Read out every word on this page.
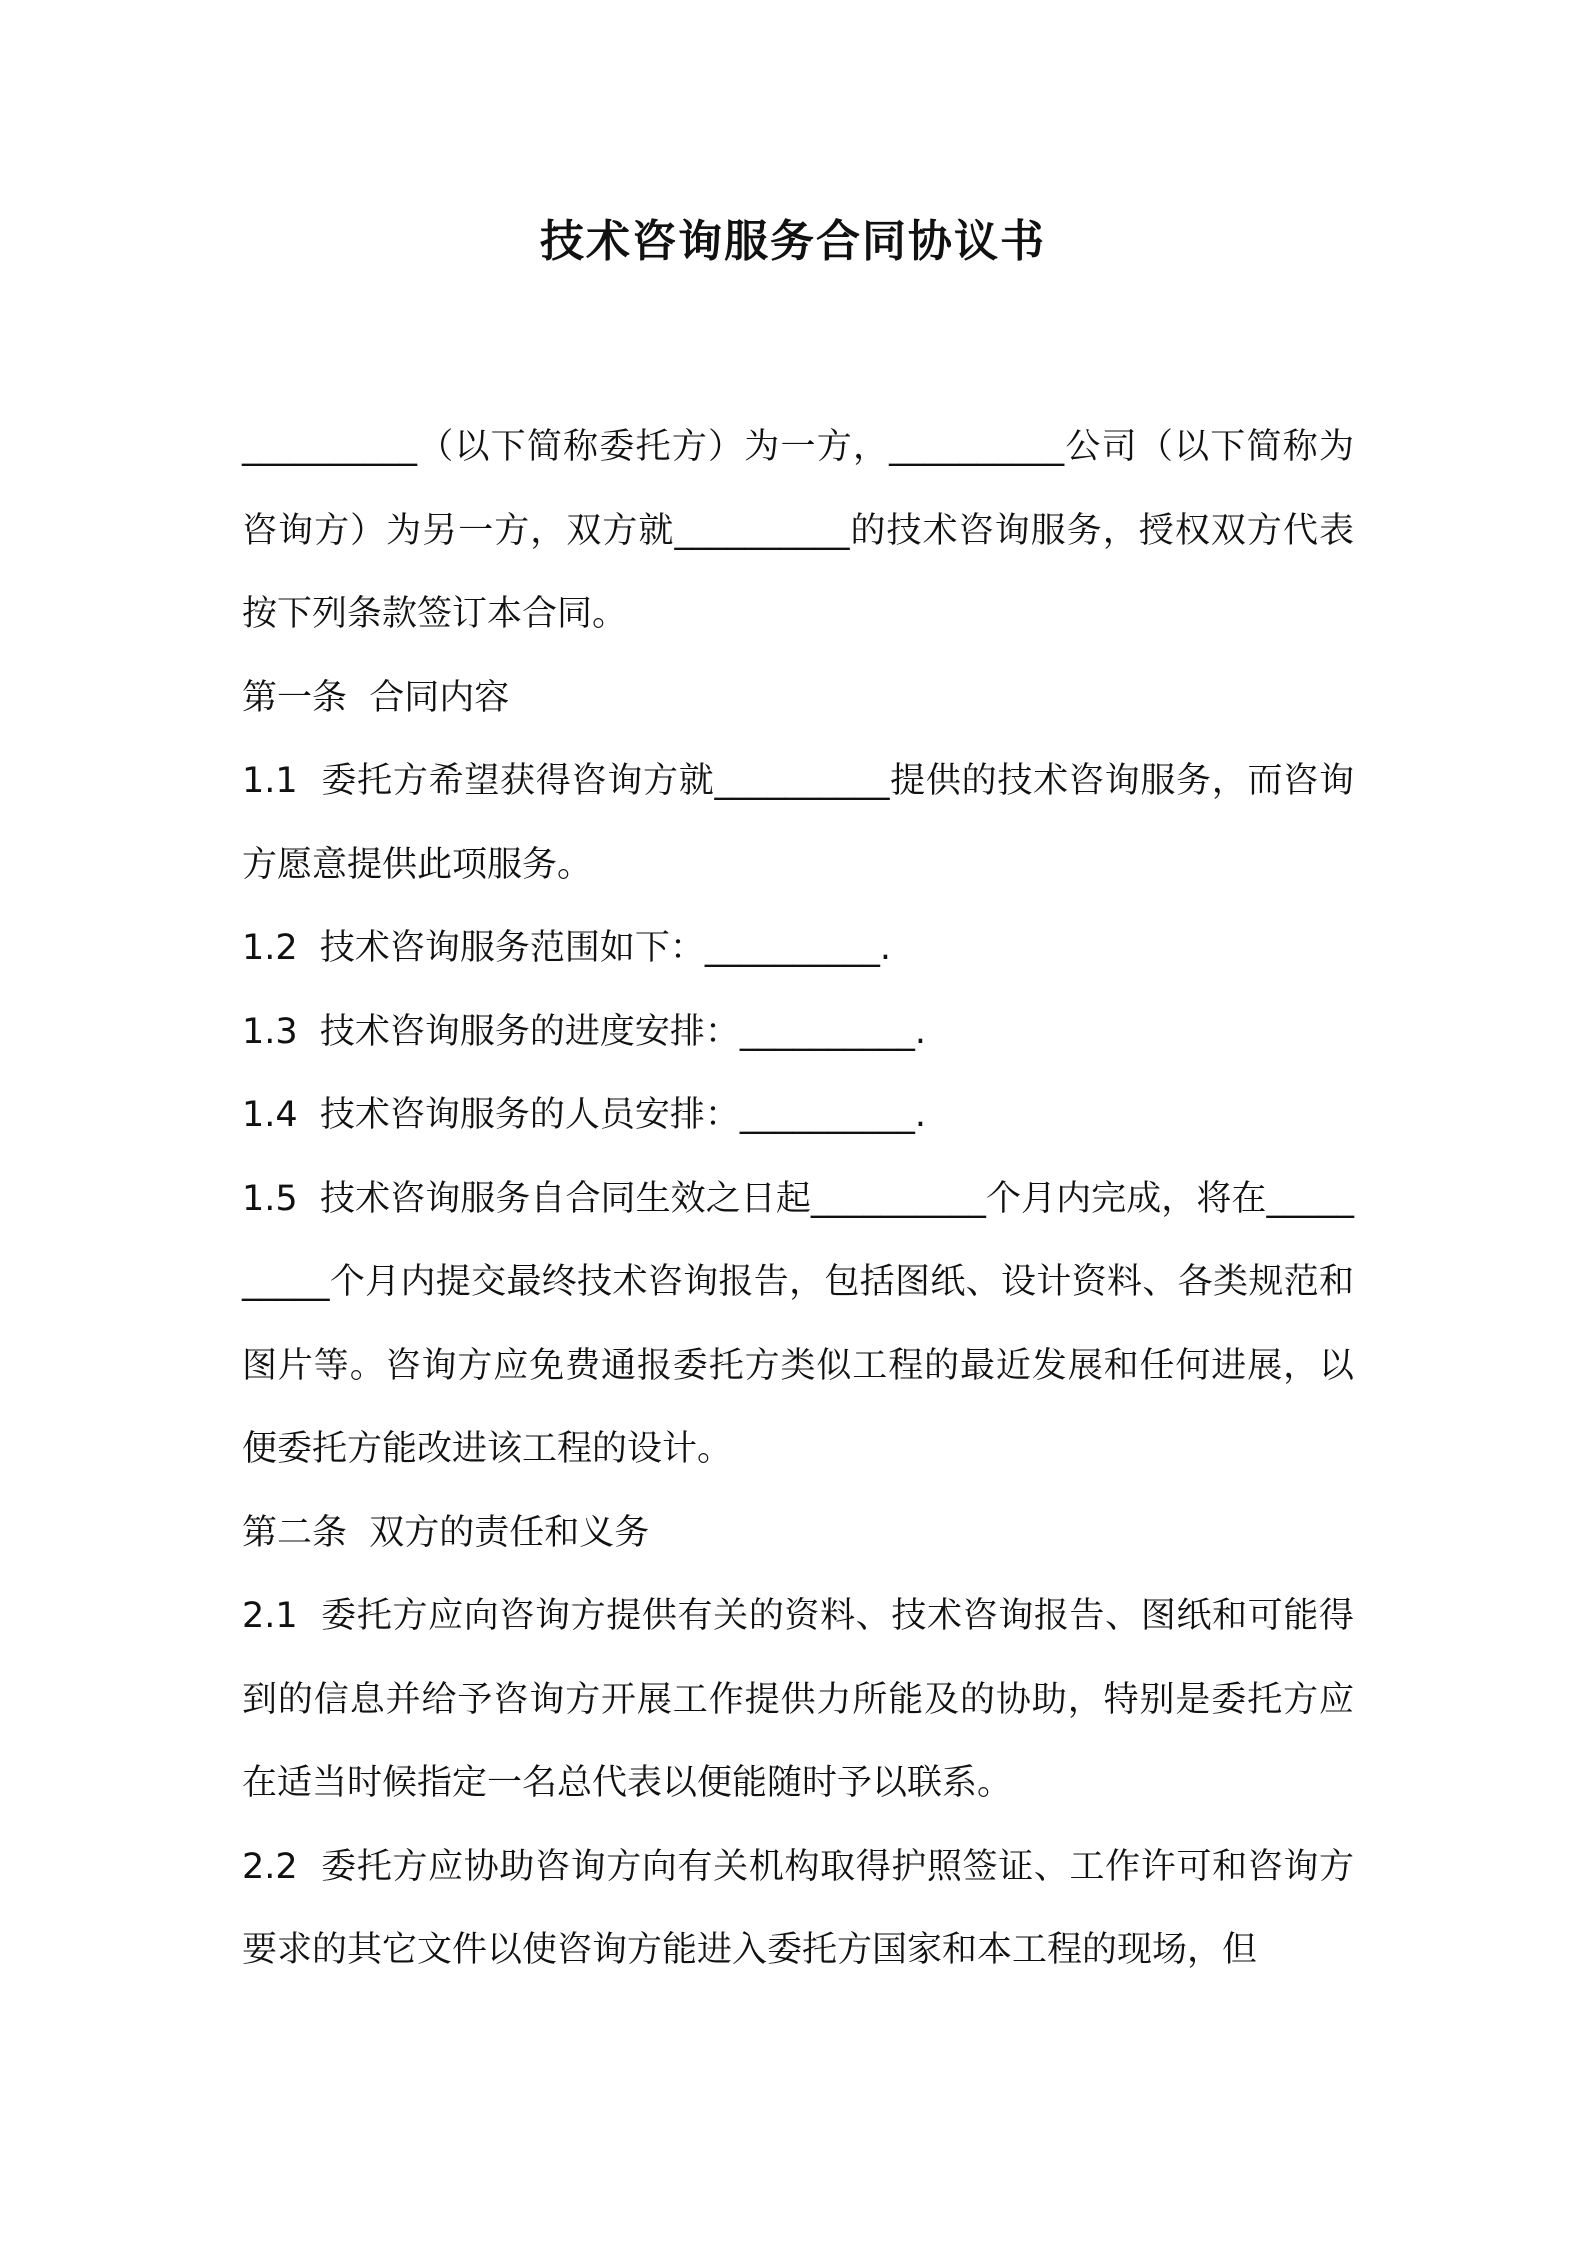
技术咨询服务合同协议书

__________（以下简称委托方）为一方，__________公司（以下简称为咨询方）为另一方，双方就__________的技术咨询服务，授权双方代表按下列条款签订本合同。

第一条  合同内容

1.1  委托方希望获得咨询方就__________提供的技术咨询服务，而咨询方愿意提供此项服务。

1.2  技术咨询服务范围如下：__________.

1.3  技术咨询服务的进度安排：__________.

1.4  技术咨询服务的人员安排：__________.

1.5  技术咨询服务自合同生效之日起__________个月内完成，将在__________个月内提交最终技术咨询报告，包括图纸、设计资料、各类规范和图片等。咨询方应免费通报委托方类似工程的最近发展和任何进展，以便委托方能改进该工程的设计。

第二条  双方的责任和义务

2.1  委托方应向咨询方提供有关的资料、技术咨询报告、图纸和可能得到的信息并给予咨询方开展工作提供力所能及的协助，特别是委托方应在适当时候指定一名总代表以便能随时予以联系。

2.2  委托方应协助咨询方向有关机构取得护照签证、工作许可和咨询方要求的其它文件以使咨询方能进入委托方国家和本工程的现场，但
